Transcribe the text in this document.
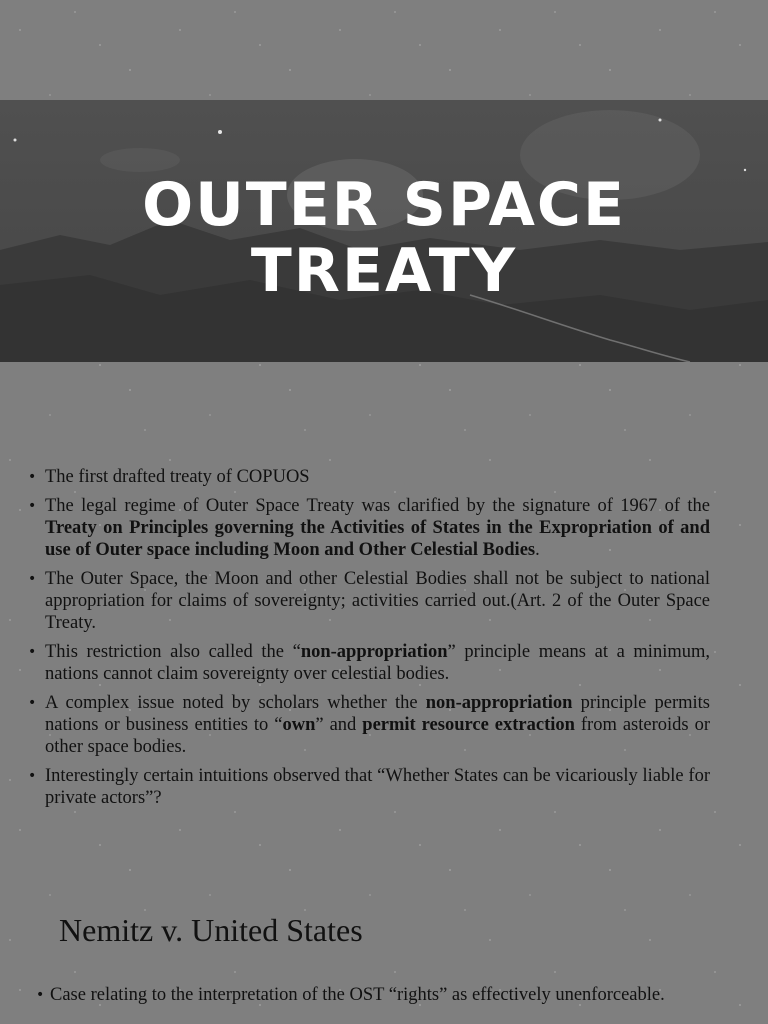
OUTER SPACE
TREATY
• The first drafted treaty of COPUOS
• The legal regime of Outer Space Treaty was clarified by the signature of 1967 of the Treaty on Principles governing the Activities of States in the Expropriation of and use of Outer space including Moon and Other Celestial Bodies.
• The Outer Space, the Moon and other Celestial Bodies shall not be subject to national appropriation for claims of sovereignty; activities carried out.(Art. 2 of the Outer Space Treaty.
• This restriction also called the “non-appropriation” principle means at a minimum, nations cannot claim sovereignty over celestial bodies.
• A complex issue noted by scholars whether the non-appropriation principle permits nations or business entities to “own” and permit resource extraction from asteroids or other space bodies.
• Interestingly certain intuitions observed that “Whether States can be vicariously liable for private actors”?
Nemitz v. United States
• Case relating to the interpretation of the OST “rights” as effectively unenforceable.
